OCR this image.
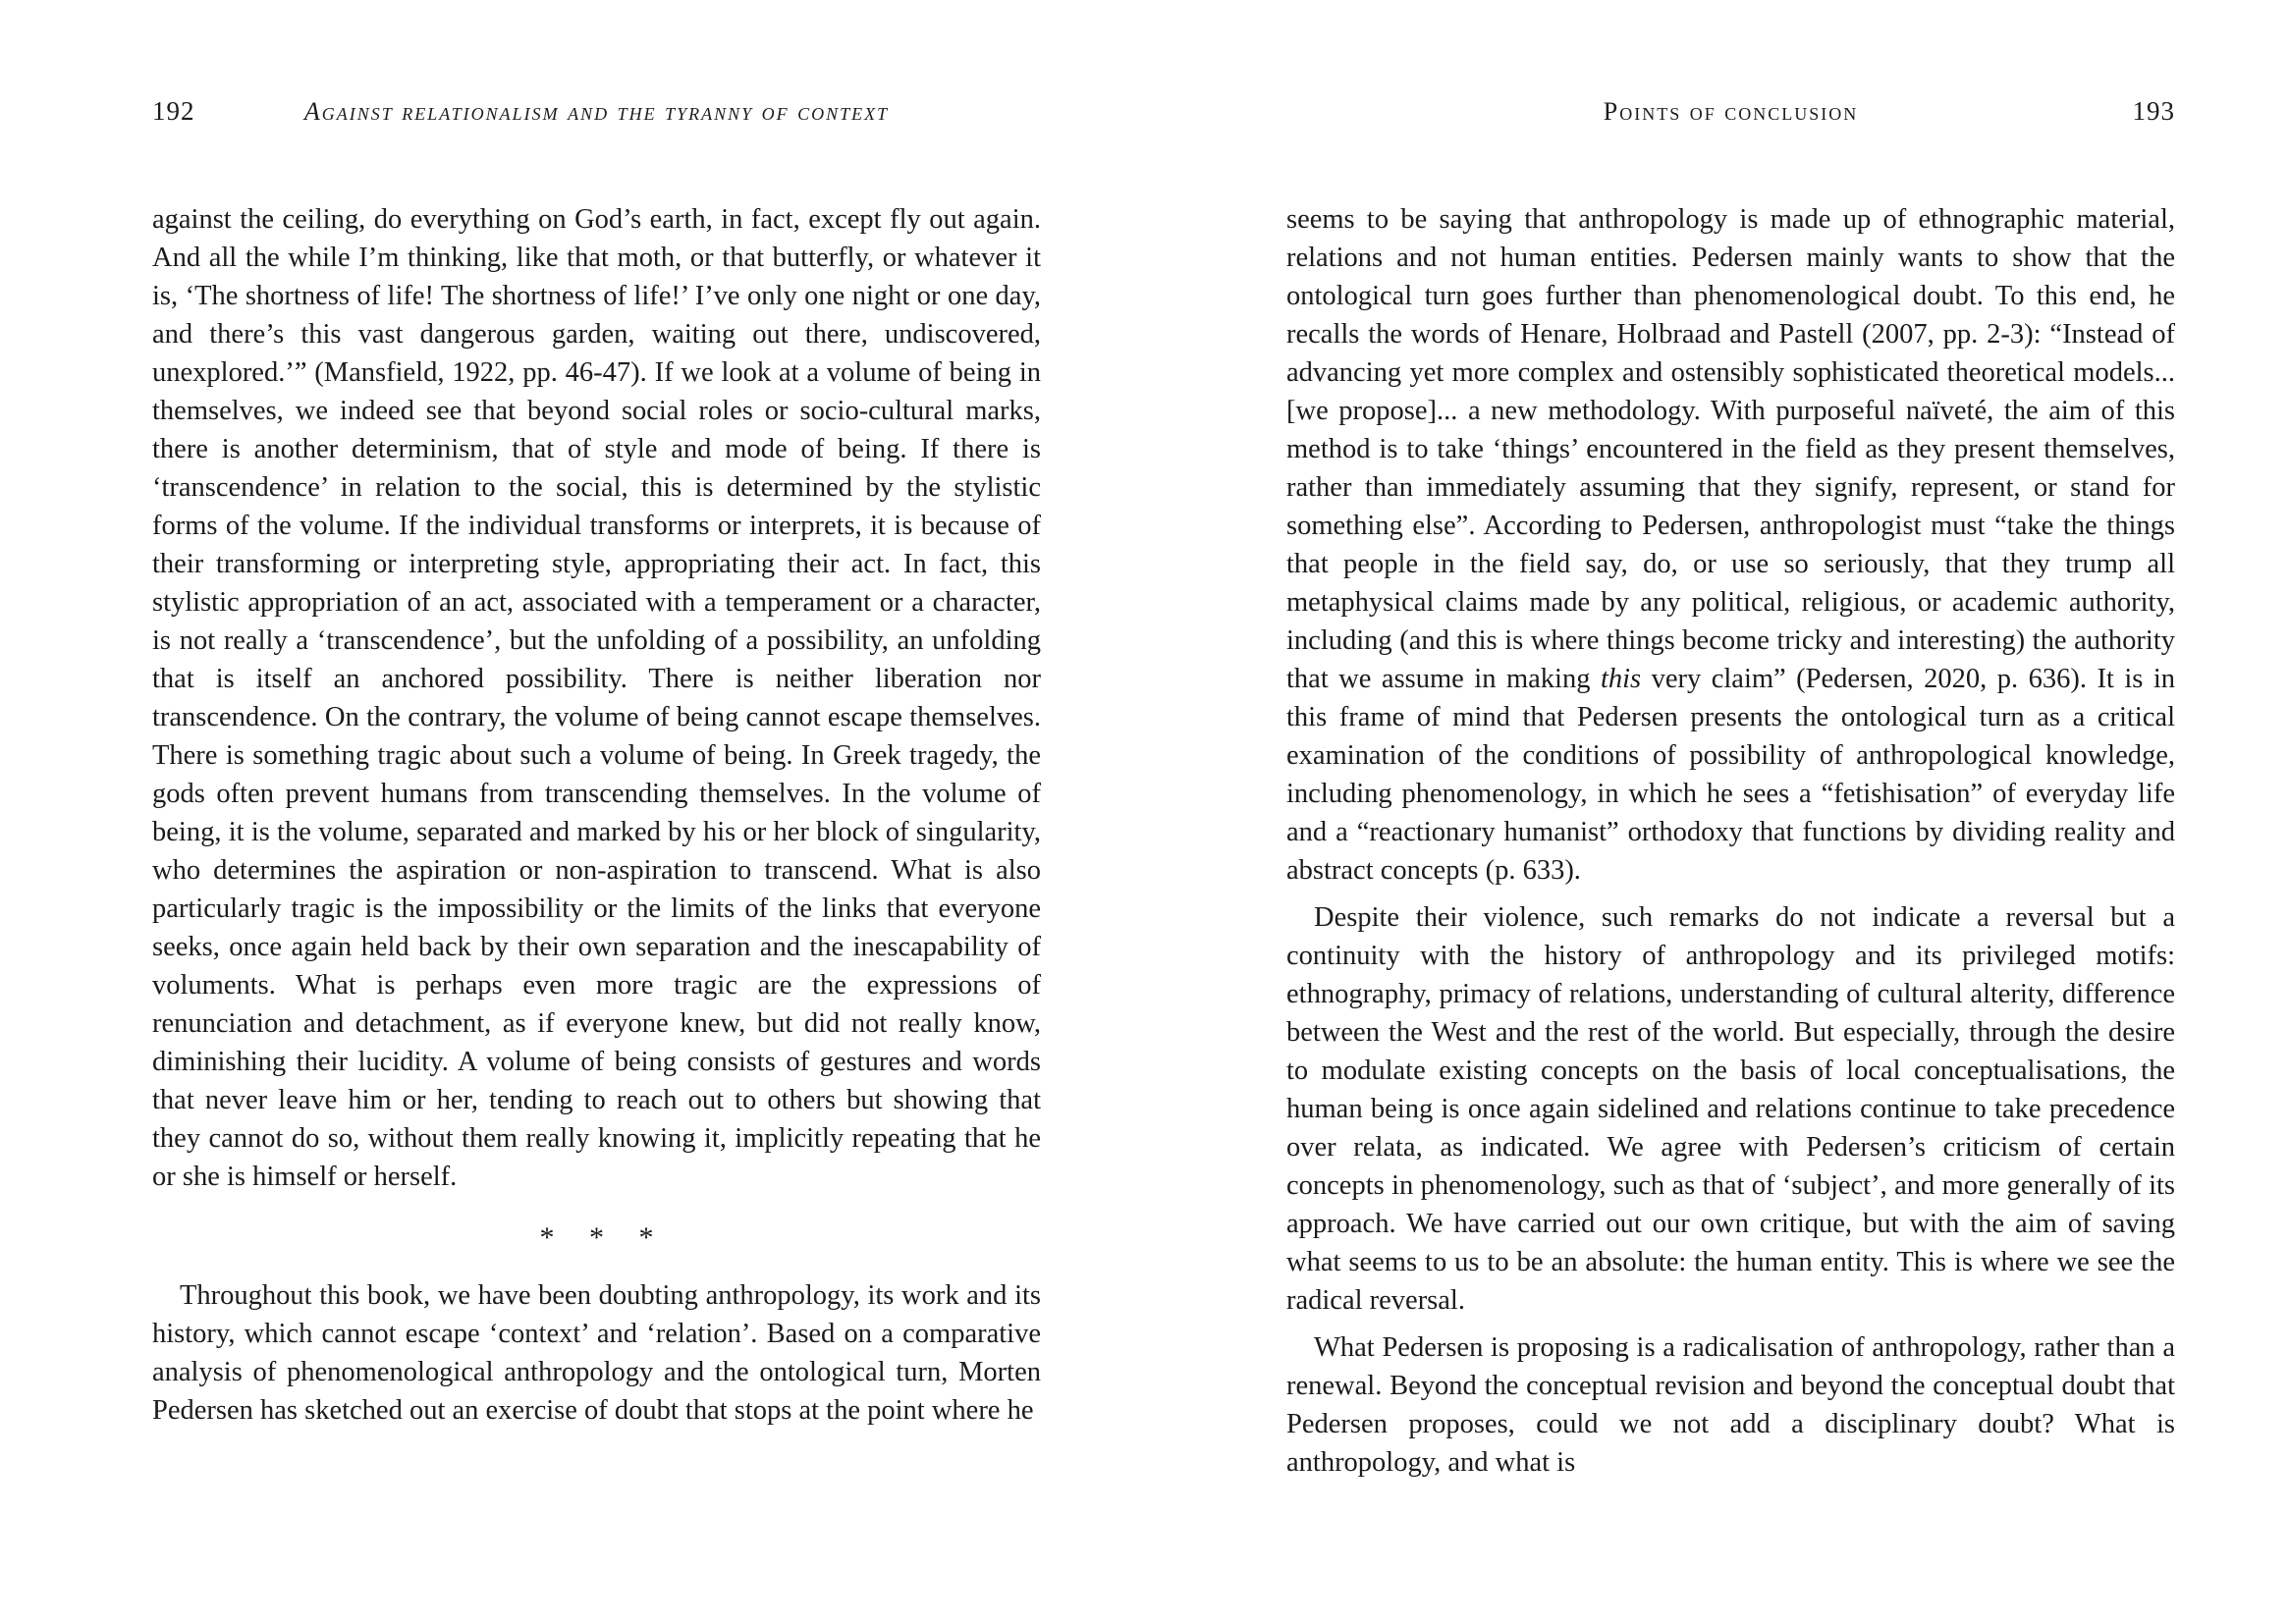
192	Against relationalism and the tyranny of context

against the ceiling, do everything on God’s earth, in fact, except fly out again. And all the while I’m thinking, like that moth, or that butterfly, or whatever it is, ‘The shortness of life! The shortness of life!’ I’ve only one night or one day, and there’s this vast dangerous garden, waiting out there, undiscovered, unexplored.’” (Mansfield, 1922, pp. 46-47). If we look at a volume of being in themselves, we indeed see that beyond social roles or socio-cultural marks, there is another determinism, that of style and mode of being. If there is ‘transcendence’ in relation to the social, this is determined by the stylistic forms of the volume. If the individual transforms or interprets, it is because of their transforming or interpreting style, appropriating their act. In fact, this stylistic appropriation of an act, associated with a temperament or a character, is not really a ‘transcendence’, but the unfolding of a possibility, an unfolding that is itself an anchored possibility. There is neither liberation nor transcendence. On the contrary, the volume of being cannot escape themselves. There is something tragic about such a volume of being. In Greek tragedy, the gods often prevent humans from transcending themselves. In the volume of being, it is the volume, separated and marked by his or her block of singularity, who determines the aspiration or non-aspiration to transcend. What is also particularly tragic is the impossibility or the limits of the links that everyone seeks, once again held back by their own separation and the inescapability of voluments. What is perhaps even more tragic are the expressions of renunciation and detachment, as if everyone knew, but did not really know, diminishing their lucidity. A volume of being consists of gestures and words that never leave him or her, tending to reach out to others but showing that they cannot do so, without them really knowing it, implicitly repeating that he or she is himself or herself.

* * *

Throughout this book, we have been doubting anthropology, its work and its history, which cannot escape ‘context’ and ‘relation’. Based on a comparative analysis of phenomenological anthropology and the ontological turn, Morten Pedersen has sketched out an exercise of doubt that stops at the point where he

Points of conclusion	193

seems to be saying that anthropology is made up of ethnographic material, relations and not human entities. Pedersen mainly wants to show that the ontological turn goes further than phenomenological doubt. To this end, he recalls the words of Henare, Holbraad and Pastell (2007, pp. 2-3): “Instead of advancing yet more complex and ostensibly sophisticated theoretical models... [we propose]... a new methodology. With purposeful naïveté, the aim of this method is to take ‘things’ encountered in the field as they present themselves, rather than immediately assuming that they signify, represent, or stand for something else”. According to Pedersen, anthropologist must “take the things that people in the field say, do, or use so seriously, that they trump all metaphysical claims made by any political, religious, or academic authority, including (and this is where things become tricky and interesting) the authority that we assume in making this very claim” (Pedersen, 2020, p. 636). It is in this frame of mind that Pedersen presents the ontological turn as a critical examination of the conditions of possibility of anthropological knowledge, including phenomenology, in which he sees a “fetishisation” of everyday life and a “reactionary humanist” orthodoxy that functions by dividing reality and abstract concepts (p. 633).

Despite their violence, such remarks do not indicate a reversal but a continuity with the history of anthropology and its privileged motifs: ethnography, primacy of relations, understanding of cultural alterity, difference between the West and the rest of the world. But especially, through the desire to modulate existing concepts on the basis of local conceptualisations, the human being is once again sidelined and relations continue to take precedence over relata, as indicated. We agree with Pedersen’s criticism of certain concepts in phenomenology, such as that of ‘subject’, and more generally of its approach. We have carried out our own critique, but with the aim of saving what seems to us to be an absolute: the human entity. This is where we see the radical reversal.

What Pedersen is proposing is a radicalisation of anthropology, rather than a renewal. Beyond the conceptual revision and beyond the conceptual doubt that Pedersen proposes, could we not add a disciplinary doubt? What is anthropology, and what is
